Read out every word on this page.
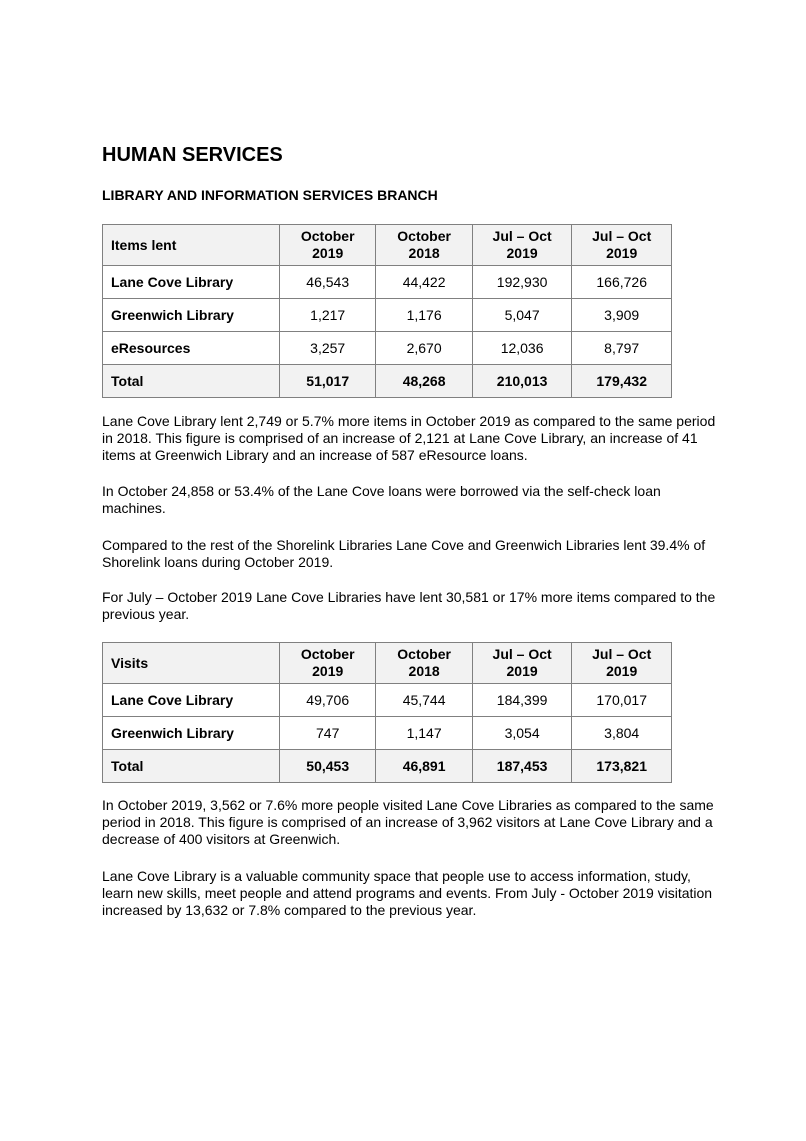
HUMAN SERVICES
LIBRARY AND INFORMATION SERVICES BRANCH
Items lent	October 2019	October 2018	Jul – Oct 2019	Jul – Oct 2019
Lane Cove Library	46,543	44,422	192,930	166,726
Greenwich Library	1,217	1,176	5,047	3,909
eResources	3,257	2,670	12,036	8,797
Total	51,017	48,268	210,013	179,432

Lane Cove Library lent 2,749 or 5.7% more items in October 2019 as compared to the same period in 2018. This figure is comprised of an increase of 2,121 at Lane Cove Library, an increase of 41 items at Greenwich Library and an increase of 587 eResource loans.

In October 24,858 or 53.4% of the Lane Cove loans were borrowed via the self-check loan machines.

Compared to the rest of the Shorelink Libraries Lane Cove and Greenwich Libraries lent 39.4% of Shorelink loans during October 2019.

For July – October 2019 Lane Cove Libraries have lent 30,581 or 17% more items compared to the previous year.

Visits	October 2019	October 2018	Jul – Oct 2019	Jul – Oct 2019
Lane Cove Library	49,706	45,744	184,399	170,017
Greenwich Library	747	1,147	3,054	3,804
Total	50,453	46,891	187,453	173,821

In October 2019, 3,562 or 7.6% more people visited Lane Cove Libraries as compared to the same period in 2018. This figure is comprised of an increase of 3,962 visitors at Lane Cove Library and a decrease of 400 visitors at Greenwich.

Lane Cove Library is a valuable community space that people use to access information, study, learn new skills, meet people and attend programs and events. From July - October 2019 visitation increased by 13,632 or 7.8% compared to the previous year.
